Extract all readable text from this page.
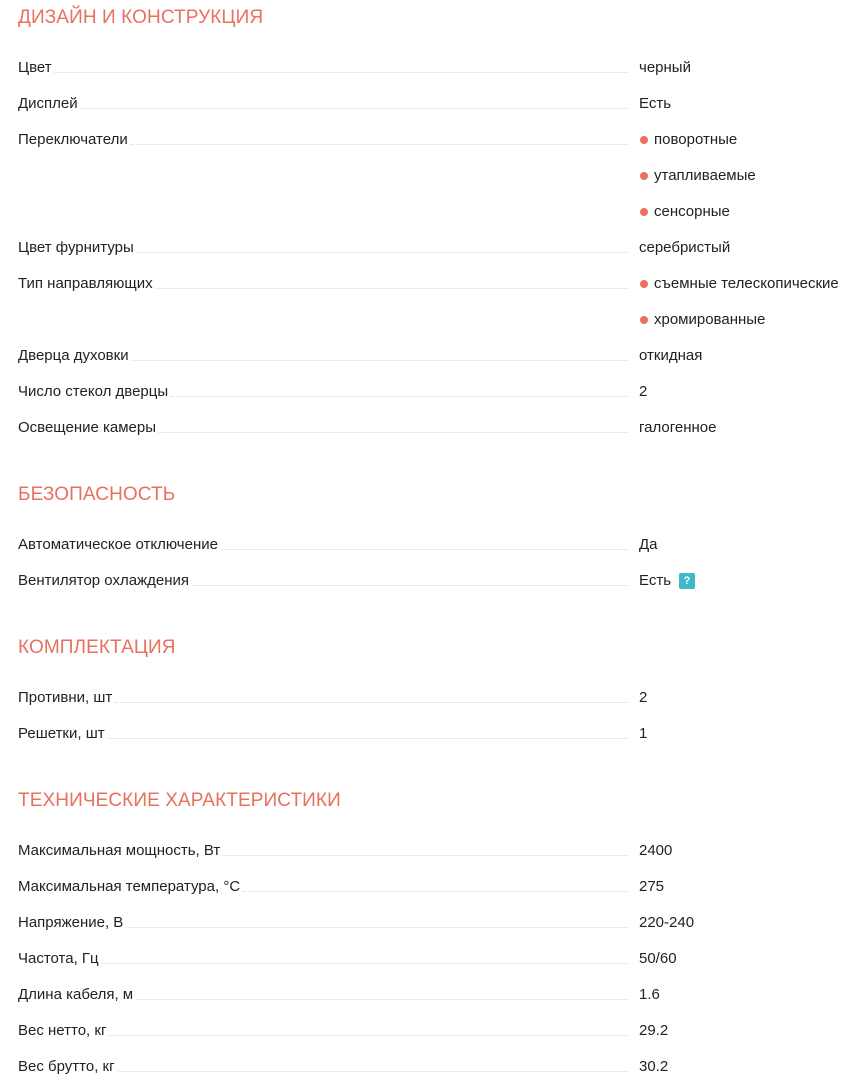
ДИЗАЙН И КОНСТРУКЦИЯ
Цвет	черный
Дисплей	Есть
Переключатели	поворотные
утапливаемые
сенсорные
Цвет фурнитуры	серебристый
Тип направляющих	съемные телескопические
хромированные
Дверца духовки	откидная
Число стекол дверцы	2
Освещение камеры	галогенное
БЕЗОПАСНОСТЬ
Автоматическое отключение	Да
Вентилятор охлаждения	Есть	?
КОМПЛЕКТАЦИЯ
Противни, шт	2
Решетки, шт	1
ТЕХНИЧЕСКИЕ ХАРАКТЕРИСТИКИ
Максимальная мощность, Вт	2400
Максимальная температура, °C	275
Напряжение, В	220-240
Частота, Гц	50/60
Длина кабеля, м	1.6
Вес нетто, кг	29.2
Вес брутто, кг	30.2
